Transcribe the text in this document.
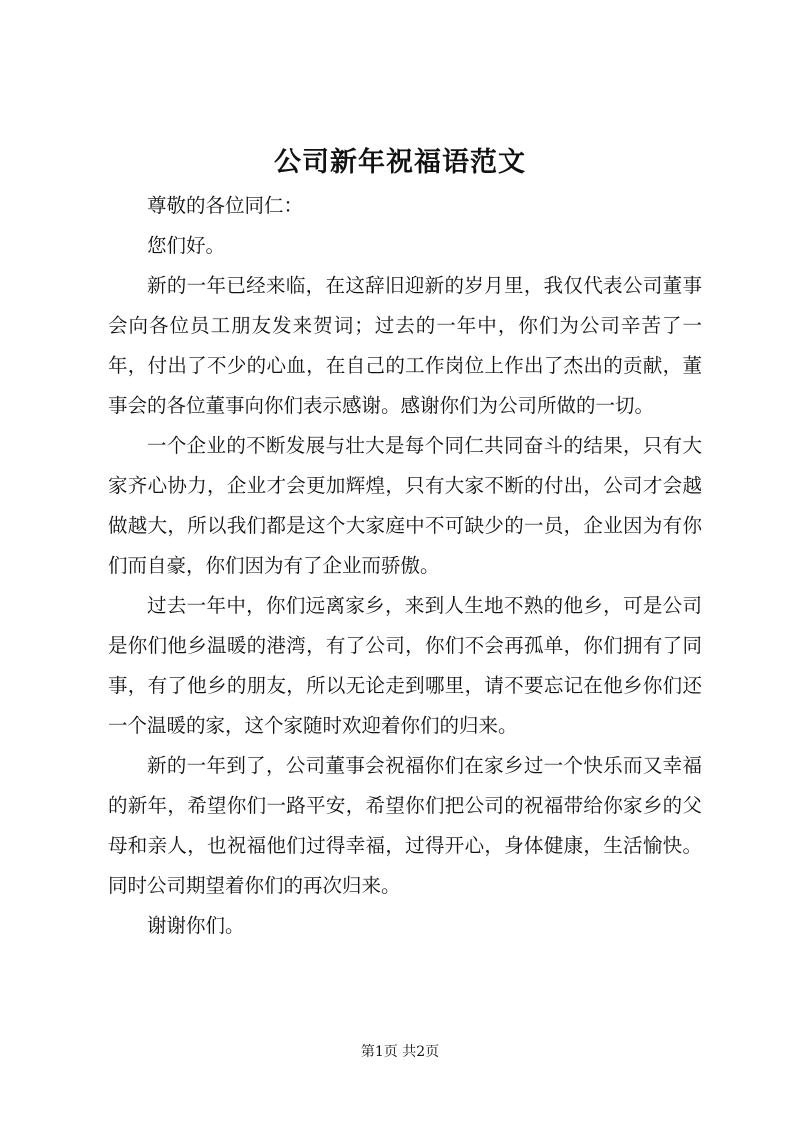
公司新年祝福语范文

尊敬的各位同仁：

您们好。

新的一年已经来临，在这辞旧迎新的岁月里，我仅代表公司董事会向各位员工朋友发来贺词；过去的一年中，你们为公司辛苦了一年，付出了不少的心血，在自己的工作岗位上作出了杰出的贡献，董事会的各位董事向你们表示感谢。感谢你们为公司所做的一切。

一个企业的不断发展与壮大是每个同仁共同奋斗的结果，只有大家齐心协力，企业才会更加辉煌，只有大家不断的付出，公司才会越做越大，所以我们都是这个大家庭中不可缺少的一员，企业因为有你们而自豪，你们因为有了企业而骄傲。

过去一年中，你们远离家乡，来到人生地不熟的他乡，可是公司是你们他乡温暖的港湾，有了公司，你们不会再孤单，你们拥有了同事，有了他乡的朋友，所以无论走到哪里，请不要忘记在他乡你们还一个温暖的家，这个家随时欢迎着你们的归来。

新的一年到了，公司董事会祝福你们在家乡过一个快乐而又幸福的新年，希望你们一路平安，希望你们把公司的祝福带给你家乡的父母和亲人，也祝福他们过得幸福，过得开心，身体健康，生活愉快。同时公司期望着你们的再次归来。

谢谢你们。

第1页 共2页
